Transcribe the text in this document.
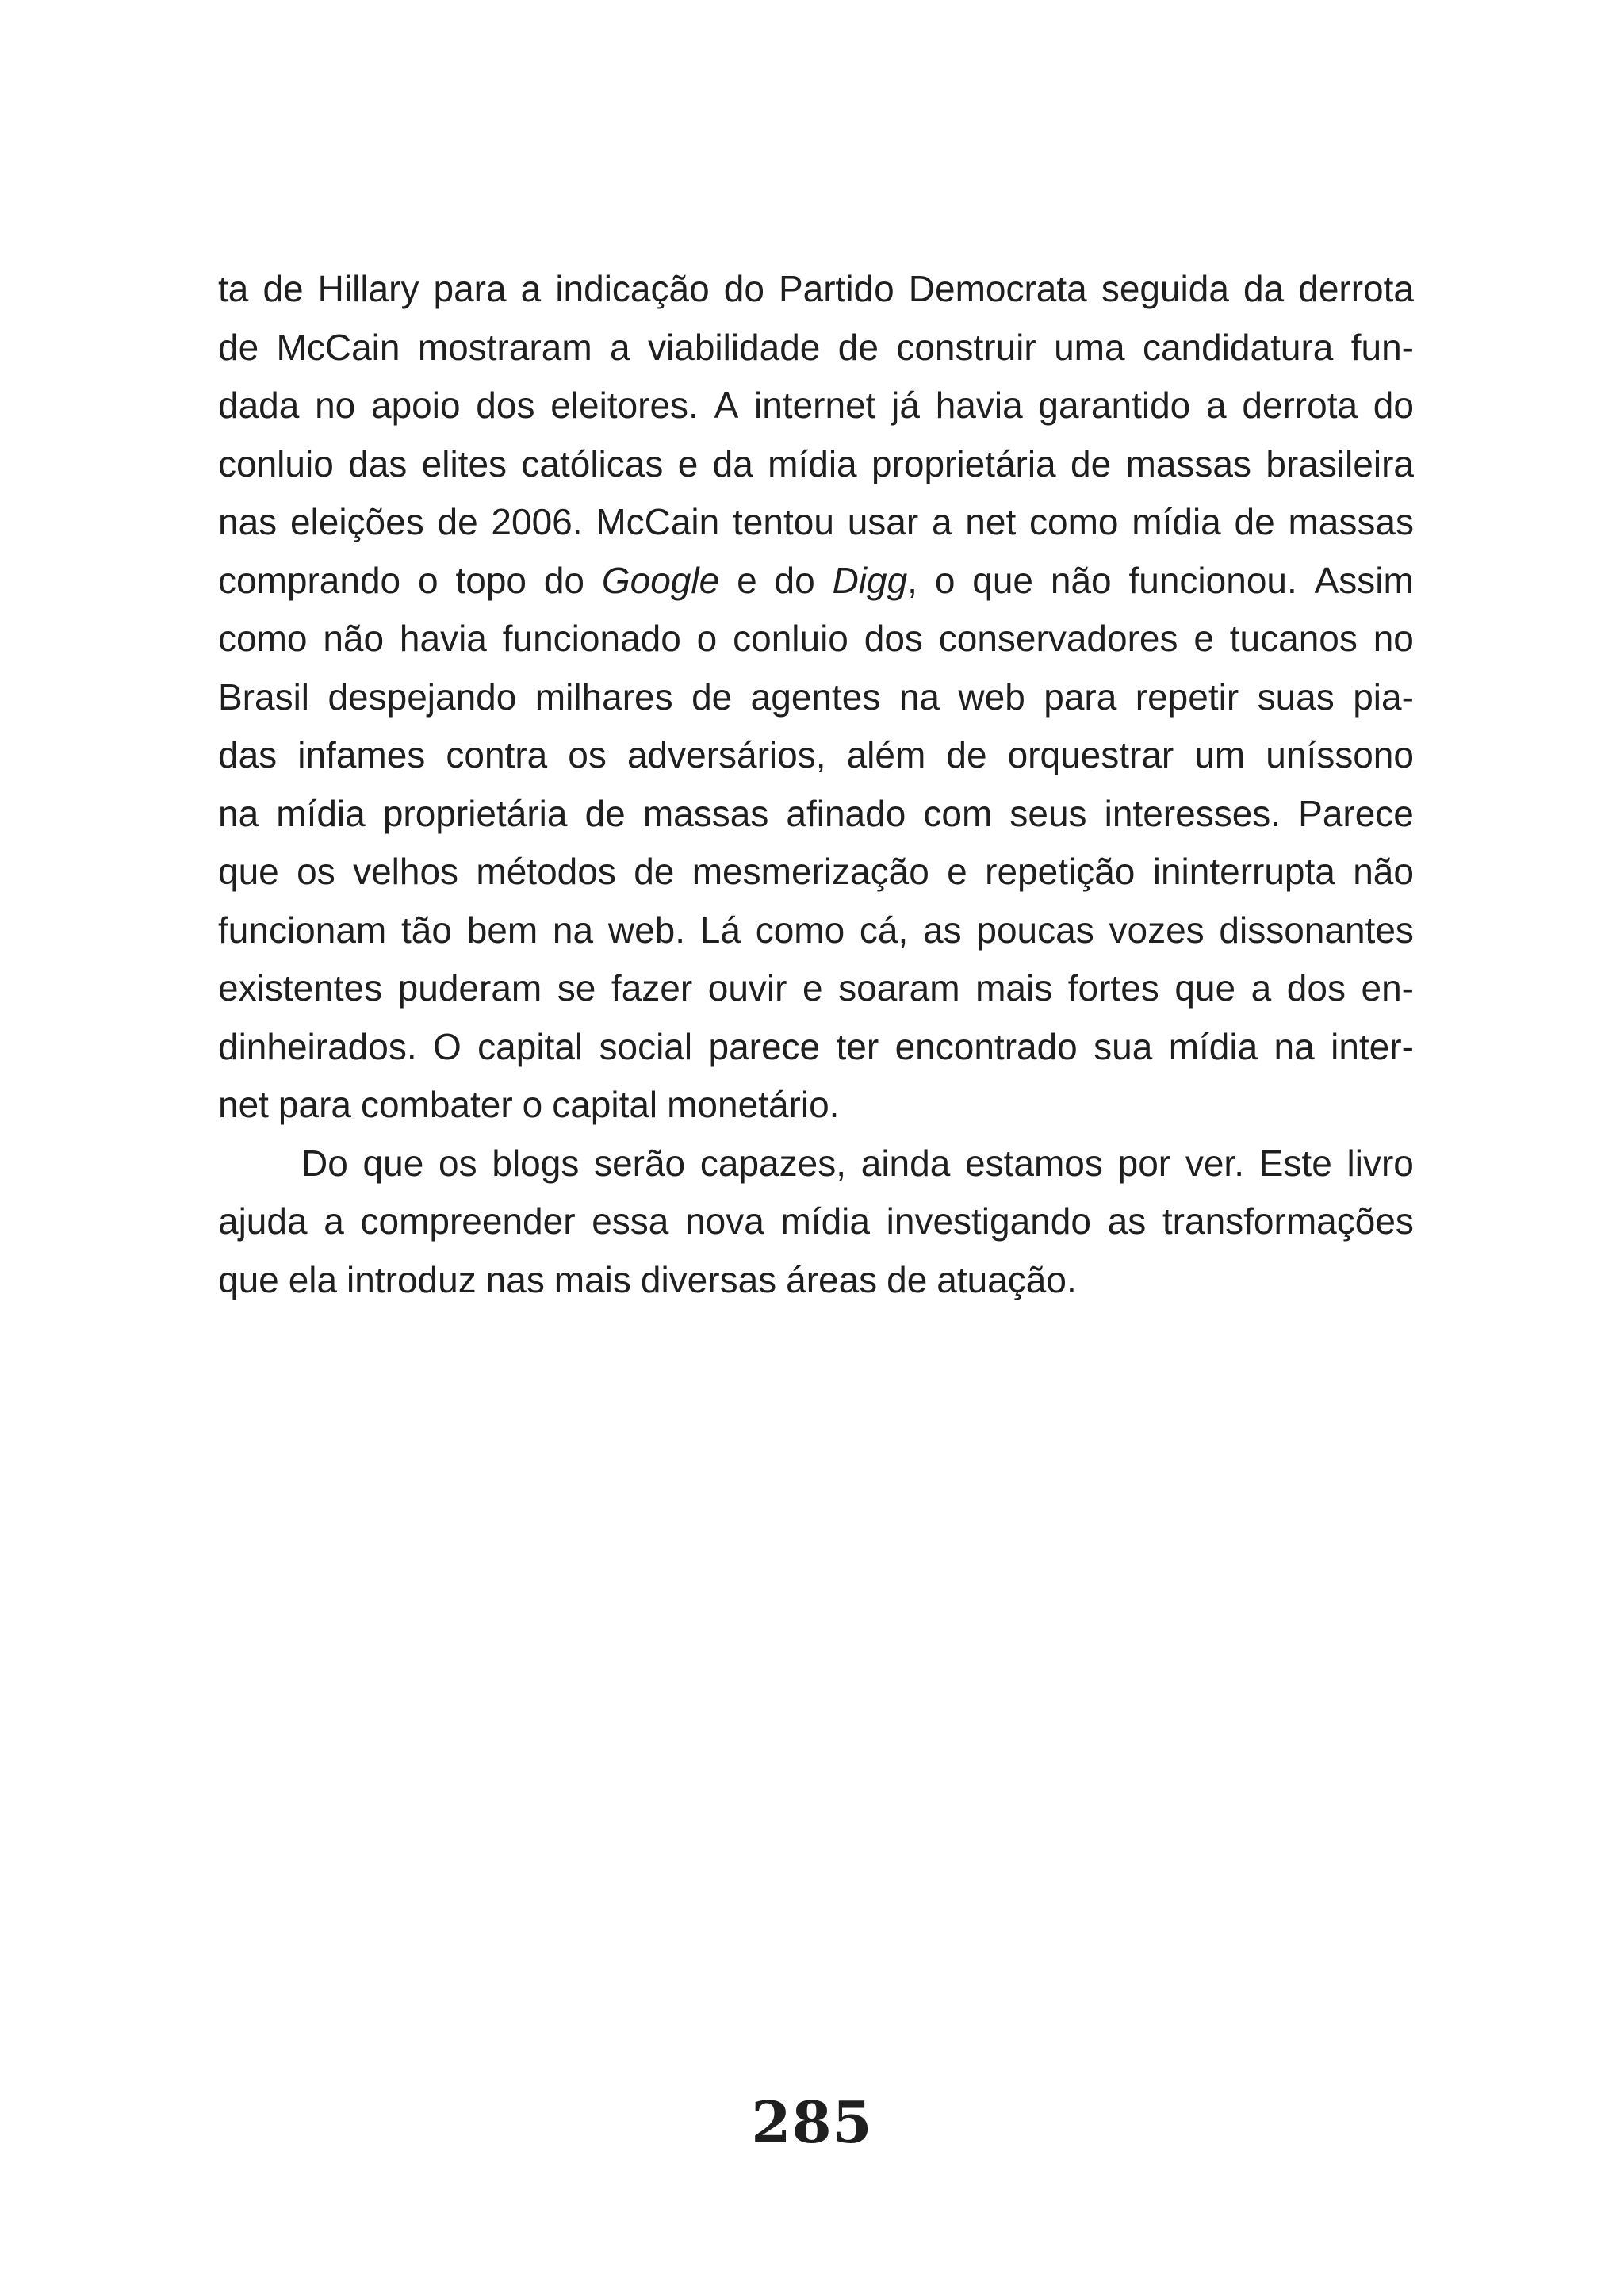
ta de Hillary para a indicação do Partido Democrata seguida da derrota
de McCain mostraram a viabilidade de construir uma candidatura fun-
dada no apoio dos eleitores. A internet já havia garantido a derrota do
conluio das elites católicas e da mídia proprietária de massas brasileira
nas eleições de 2006. McCain tentou usar a net como mídia de massas
comprando o topo do Google e do Digg, o que não funcionou. Assim
como não havia funcionado o conluio dos conservadores e tucanos no
Brasil despejando milhares de agentes na web para repetir suas pia-
das infames contra os adversários, além de orquestrar um uníssono
na mídia proprietária de massas afinado com seus interesses. Parece
que os velhos métodos de mesmerização e repetição ininterrupta não
funcionam tão bem na web. Lá como cá, as poucas vozes dissonantes
existentes puderam se fazer ouvir e soaram mais fortes que a dos en-
dinheirados. O capital social parece ter encontrado sua mídia na inter-
net para combater o capital monetário.
Do que os blogs serão capazes, ainda estamos por ver. Este livro
ajuda a compreender essa nova mídia investigando as transformações
que ela introduz nas mais diversas áreas de atuação.
285
